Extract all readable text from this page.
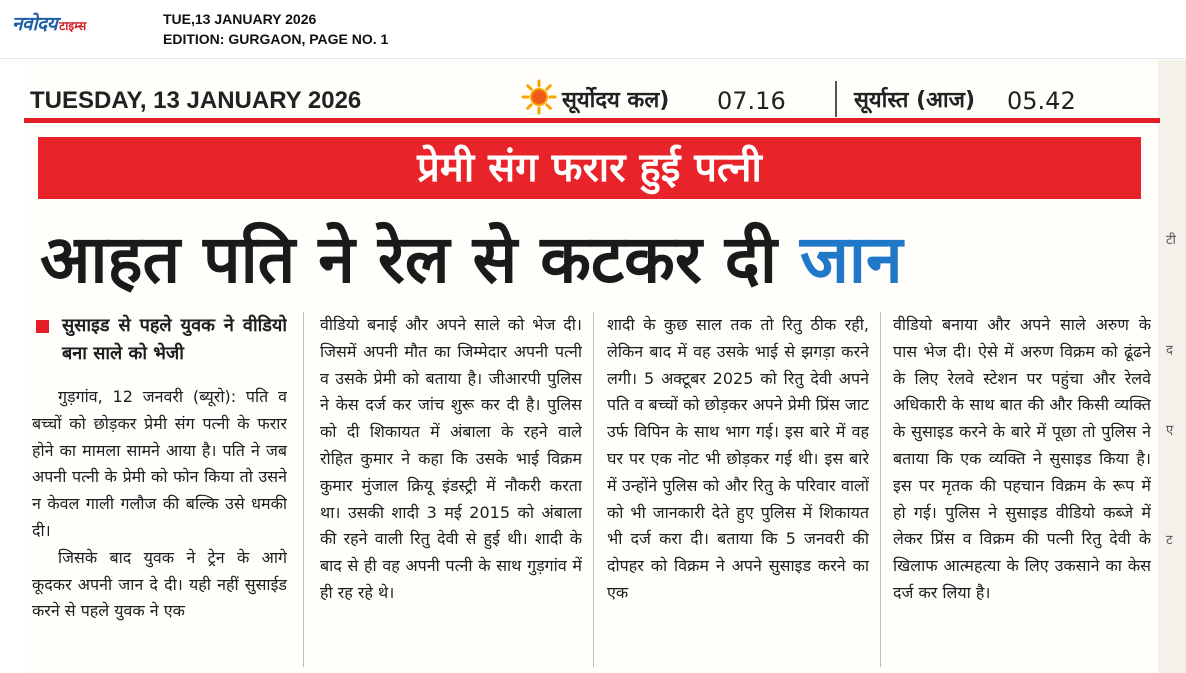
नवोदय टाइम्स	TUE,13 JANUARY 2026
EDITION: GURGAON, PAGE NO. 1
टी
द
ए
ट
TUESDAY, 13 JANUARY 2026	सूर्योदय कल) 07.16	सूर्यास्त (आज) 05.42
प्रेमी संग फरार हुई पत्नी
आहत पति ने रेल से कटकर दी जान
सुसाइड से पहले युवक ने वीडियो बना साले को भेजी

गुड़गांव, 12 जनवरी (ब्यूरो): पति व बच्चों को छोड़कर प्रेमी संग पत्नी के फरार होने का मामला सामने आया है। पति ने जब अपनी पत्नी के प्रेमी को फोन किया तो उसने न केवल गाली गलौज की बल्कि उसे धमकी दी।

जिसके बाद युवक ने ट्रेन के आगे कूदकर अपनी जान दे दी। यही नहीं सुसाईड करने से पहले युवक ने एक

वीडियो बनाई और अपने साले को भेज दी। जिसमें अपनी मौत का जिम्मेदार अपनी पत्नी व उसके प्रेमी को बताया है। जीआरपी पुलिस ने केस दर्ज कर जांच शुरू कर दी है। पुलिस को दी शिकायत में अंबाला के रहने वाले रोहित कुमार ने कहा कि उसके भाई विक्रम कुमार मुंजाल क्रियू इंडस्ट्री में नौकरी करता था। उसकी शादी 3 मई 2015 को अंबाला की रहने वाली रितु देवी से हुई थी। शादी के बाद से ही वह अपनी पत्नी के साथ गुड़गांव में ही रह रहे थे।

शादी के कुछ साल तक तो रितु ठीक रही, लेकिन बाद में वह उसके भाई से झगड़ा करने लगी। 5 अक्टूबर 2025 को रितु देवी अपने पति व बच्चों को छोड़कर अपने प्रेमी प्रिंस जाट उर्फ विपिन के साथ भाग गई। इस बारे में वह घर पर एक नोट भी छोड़कर गई थी। इस बारे में उन्होंने पुलिस को और रितु के परिवार वालों को भी जानकारी देते हुए पुलिस में शिकायत भी दर्ज करा दी। बताया कि 5 जनवरी की दोपहर को विक्रम ने अपने सुसाइड करने का एक

वीडियो बनाया और अपने साले अरुण के पास भेज दी। ऐसे में अरुण विक्रम को ढूंढने के लिए रेलवे स्टेशन पर पहुंचा और रेलवे अधिकारी के साथ बात की और किसी व्यक्ति के सुसाइड करने के बारे में पूछा तो पुलिस ने बताया कि एक व्यक्ति ने सुसाइड किया है। इस पर मृतक की पहचान विक्रम के रूप में हो गई। पुलिस ने सुसाइड वीडियो कब्जे में लेकर प्रिंस व विक्रम की पत्नी रितु देवी के खिलाफ आत्महत्या के लिए उकसाने का केस दर्ज कर लिया है।
